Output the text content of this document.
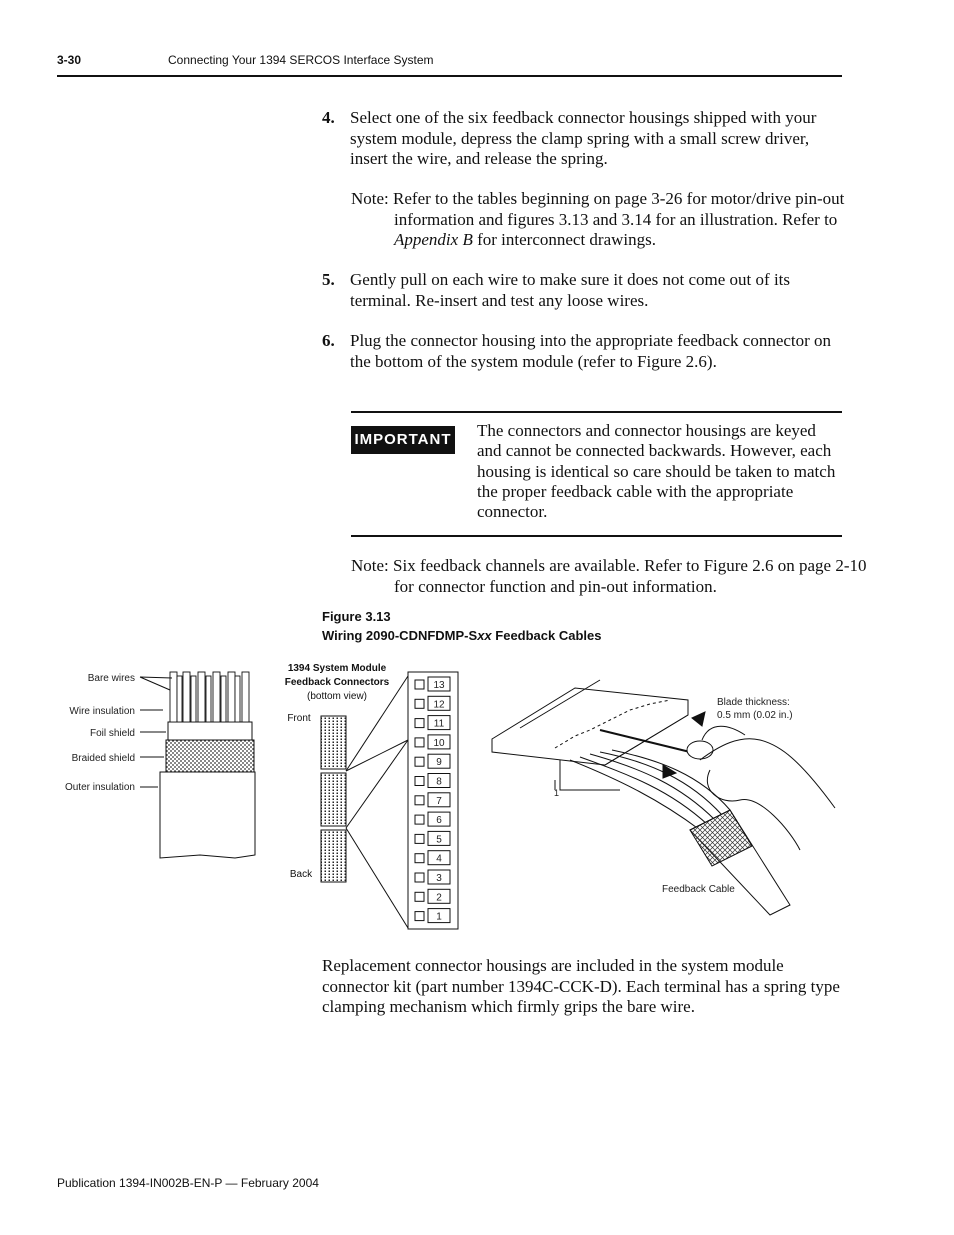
3-30	Connecting Your 1394 SERCOS Interface System
4. Select one of the six feedback connector housings shipped with your system module, depress the clamp spring with a small screw driver, insert the wire, and release the spring.
Note: Refer to the tables beginning on page 3-26 for motor/drive pin-out information and figures 3.13 and 3.14 for an illustration. Refer to Appendix B for interconnect drawings.
5. Gently pull on each wire to make sure it does not come out of its terminal. Re-insert and test any loose wires.
6. Plug the connector housing into the appropriate feedback connector on the bottom of the system module (refer to Figure 2.6).
IMPORTANT The connectors and connector housings are keyed and cannot be connected backwards. However, each housing is identical so care should be taken to match the proper feedback cable with the appropriate connector.
Note: Six feedback channels are available. Refer to Figure 2.6 on page 2-10 for connector function and pin-out information.
Figure 3.13
Wiring 2090-CDNFDMP-Sxx Feedback Cables
Bare wires
Wire insulation
Foil shield
Braided shield
Outer insulation
1394 System Module
Feedback Connectors
(bottom view)
Front
Back
13
12
11
10
9
8
7
6
5
4
3
2
1
Blade thickness:
0.5 mm (0.02 in.)
1
Feedback Cable
Replacement connector housings are included in the system module connector kit (part number 1394C-CCK-D). Each terminal has a spring type clamping mechanism which firmly grips the bare wire.
Publication 1394-IN002B-EN-P — February 2004
